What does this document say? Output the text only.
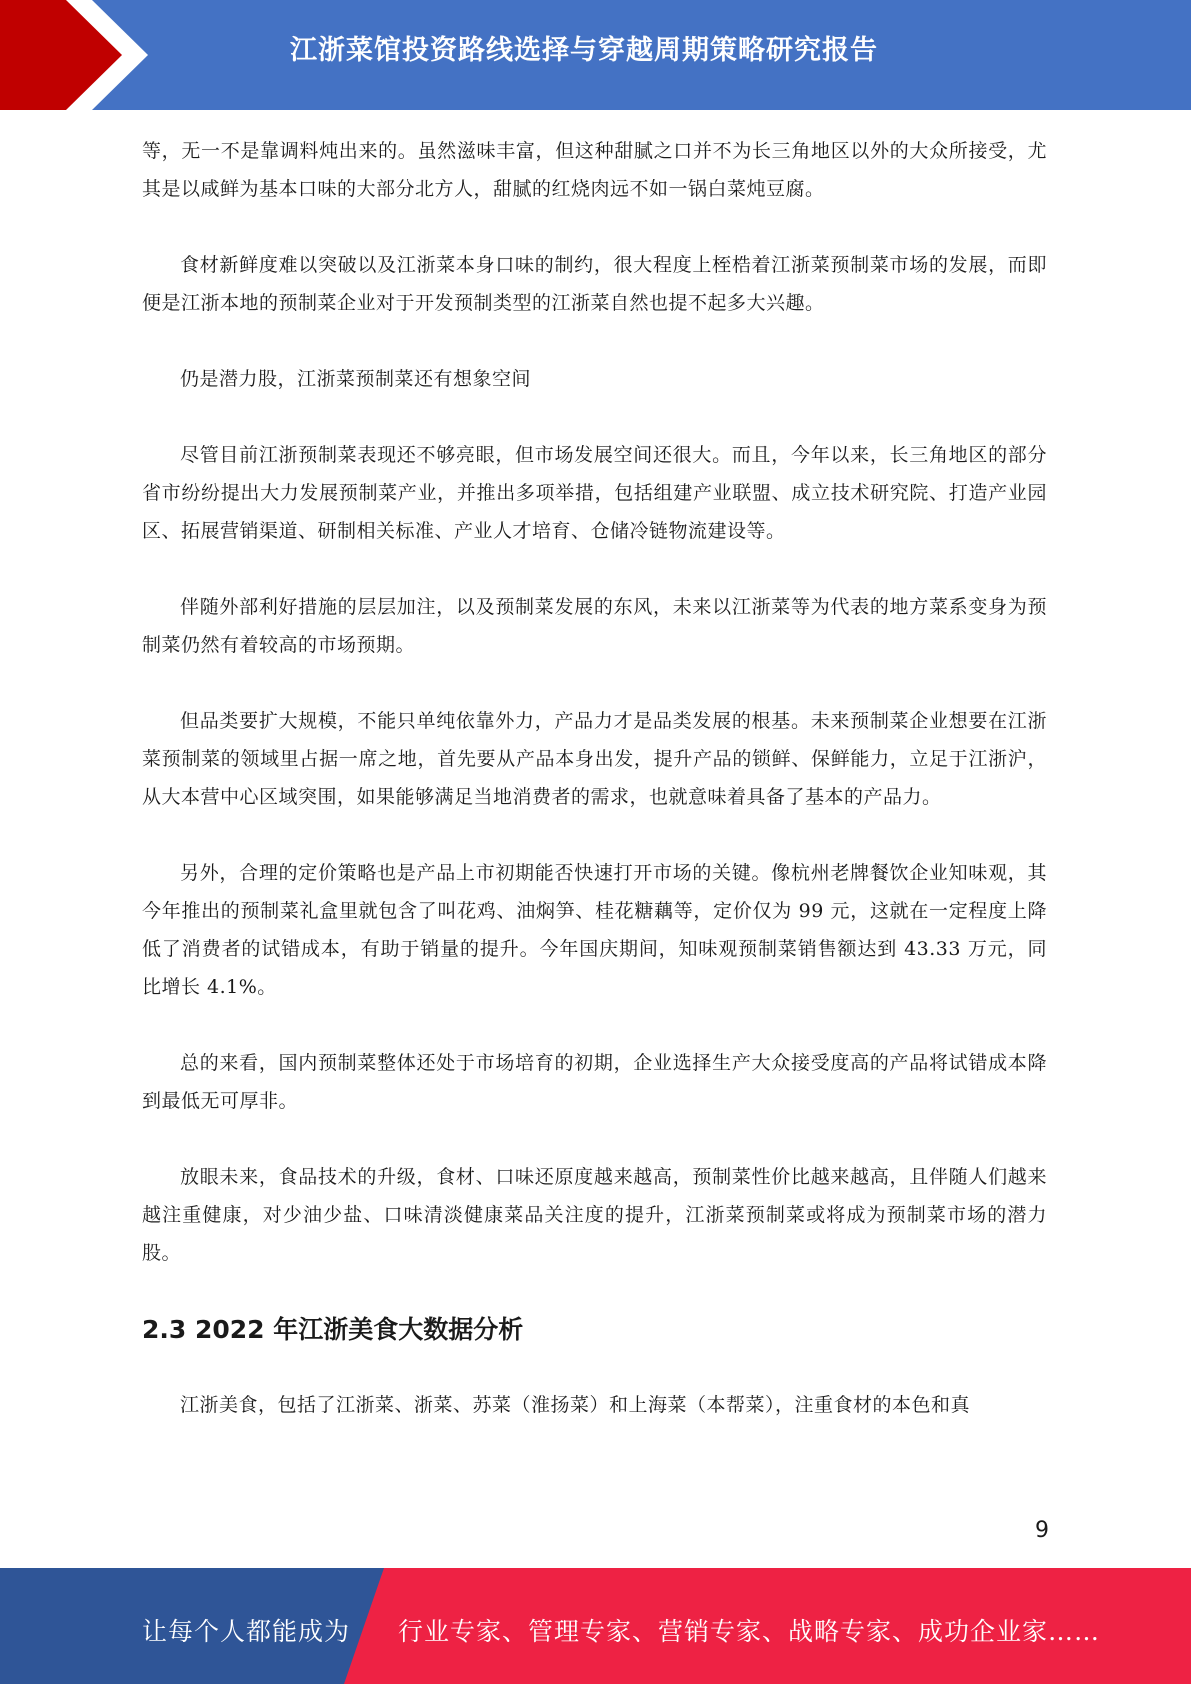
江浙菜馆投资路线选择与穿越周期策略研究报告

等，无一不是靠调料炖出来的。虽然滋味丰富，但这种甜腻之口并不为长三角地区以外的大众所接受，尤其是以咸鲜为基本口味的大部分北方人，甜腻的红烧肉远不如一锅白菜炖豆腐。

食材新鲜度难以突破以及江浙菜本身口味的制约，很大程度上桎梏着江浙菜预制菜市场的发展，而即便是江浙本地的预制菜企业对于开发预制类型的江浙菜自然也提不起多大兴趣。

仍是潜力股，江浙菜预制菜还有想象空间

尽管目前江浙预制菜表现还不够亮眼，但市场发展空间还很大。而且，今年以来，长三角地区的部分省市纷纷提出大力发展预制菜产业，并推出多项举措，包括组建产业联盟、成立技术研究院、打造产业园区、拓展营销渠道、研制相关标准、产业人才培育、仓储冷链物流建设等。

伴随外部利好措施的层层加注，以及预制菜发展的东风，未来以江浙菜等为代表的地方菜系变身为预制菜仍然有着较高的市场预期。

但品类要扩大规模，不能只单纯依靠外力，产品力才是品类发展的根基。未来预制菜企业想要在江浙菜预制菜的领域里占据一席之地，首先要从产品本身出发，提升产品的锁鲜、保鲜能力，立足于江浙沪，从大本营中心区域突围，如果能够满足当地消费者的需求，也就意味着具备了基本的产品力。

另外，合理的定价策略也是产品上市初期能否快速打开市场的关键。像杭州老牌餐饮企业知味观，其今年推出的预制菜礼盒里就包含了叫花鸡、油焖笋、桂花糖藕等，定价仅为 99 元，这就在一定程度上降低了消费者的试错成本，有助于销量的提升。今年国庆期间，知味观预制菜销售额达到 43.33 万元，同比增长 4.1%。

总的来看，国内预制菜整体还处于市场培育的初期，企业选择生产大众接受度高的产品将试错成本降到最低无可厚非。

放眼未来，食品技术的升级，食材、口味还原度越来越高，预制菜性价比越来越高，且伴随人们越来越注重健康，对少油少盐、口味清淡健康菜品关注度的提升，江浙菜预制菜或将成为预制菜市场的潜力股。

2.3 2022 年江浙美食大数据分析

江浙美食，包括了江浙菜、浙菜、苏菜（淮扬菜）和上海菜（本帮菜），注重食材的本色和真

9
让每个人都能成为 行业专家、管理专家、营销专家、战略专家、成功企业家……
